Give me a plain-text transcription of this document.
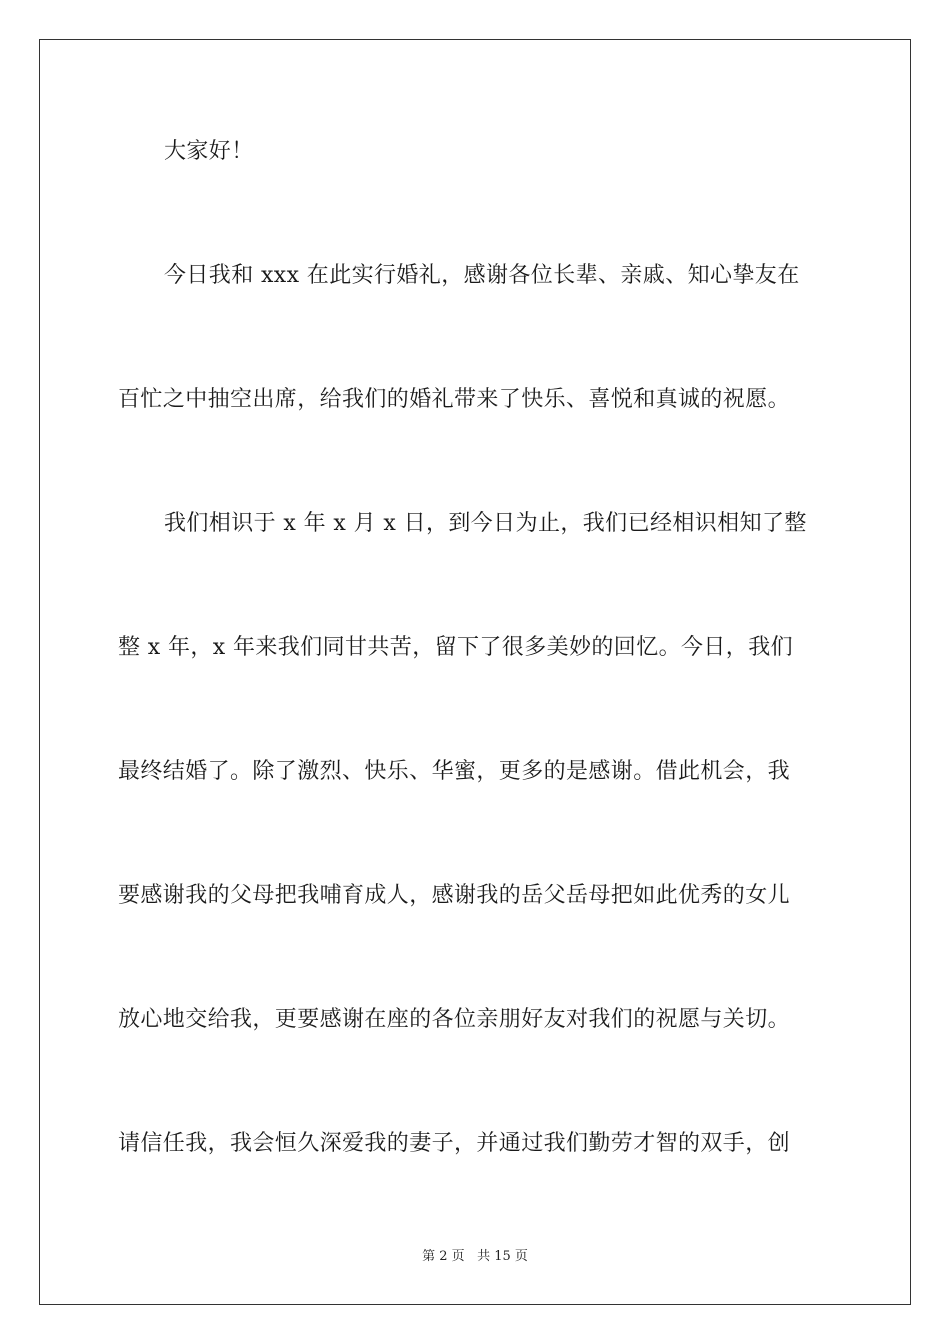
大家好！
今日我和 xxx 在此实行婚礼，感谢各位长辈、亲戚、知心挚友在
百忙之中抽空出席，给我们的婚礼带来了快乐、喜悦和真诚的祝愿。
我们相识于 x 年 x 月 x 日，到今日为止，我们已经相识相知了整
整 x 年，x 年来我们同甘共苦，留下了很多美妙的回忆。今日，我们
最终结婚了。除了激烈、快乐、华蜜，更多的是感谢。借此机会，我
要感谢我的父母把我哺育成人，感谢我的岳父岳母把如此优秀的女儿
放心地交给我，更要感谢在座的各位亲朋好友对我们的祝愿与关切。
请信任我，我会恒久深爱我的妻子，并通过我们勤劳才智的双手，创
第 2 页 共 15 页
